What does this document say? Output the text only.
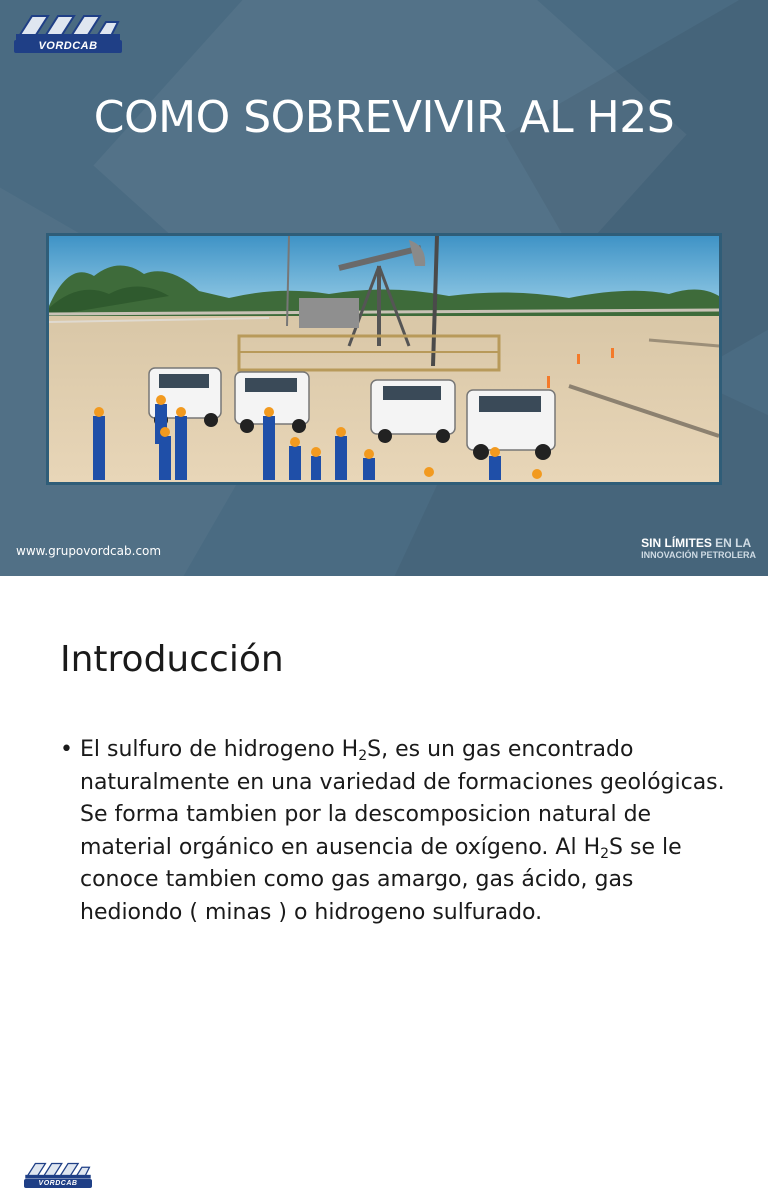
VORDCAB
COMO SOBREVIVIR AL H2S
www.grupovordcab.com
SIN LÍMITES EN LA
INNOVACIÓN PETROLERA
VORDCAB
Introducción
• El sulfuro de hidrogeno $H_2S$, es un gas encontrado naturalmente en una variedad de formaciones geológicas. Se forma tambien por la descomposicion natural de material orgánico en ausencia de oxígeno. Al $H_2S$ se le conoce tambien como gas amargo, gas ácido, gas hediondo ( minas ) o hidrogeno sulfurado.
